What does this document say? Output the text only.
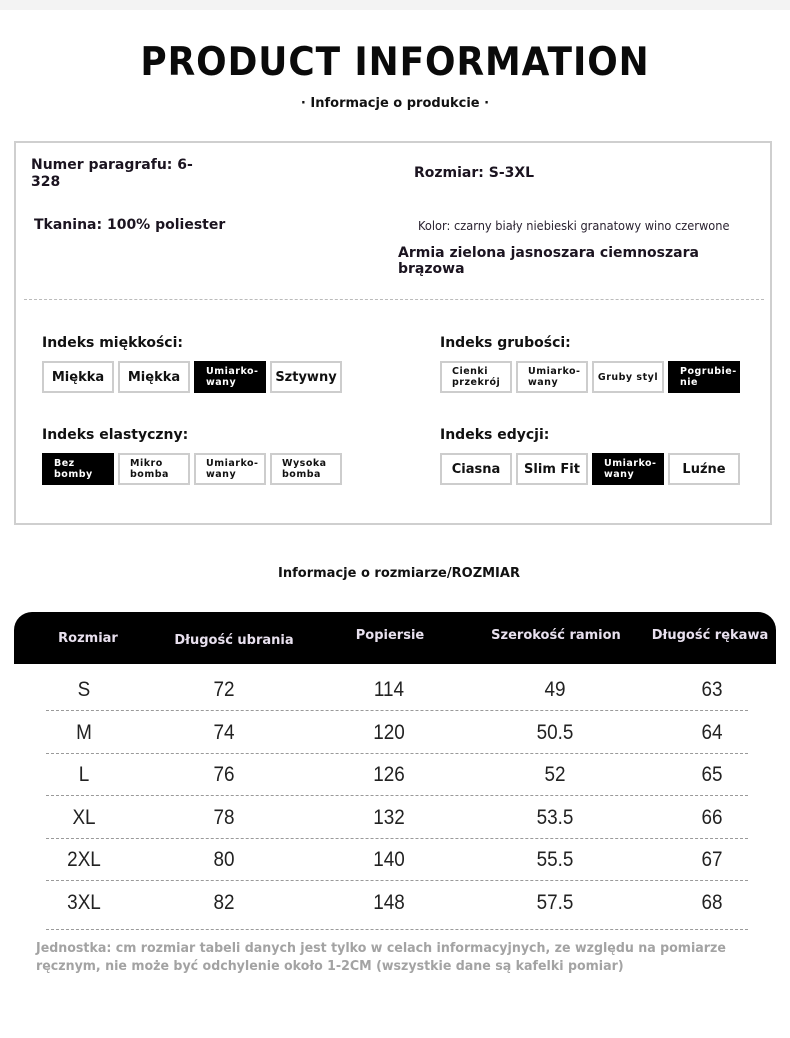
PRODUCT INFORMATION
· Informacje o produkcie ·
Numer paragrafu: 6-328
Tkanina: 100% poliester
Rozmiar: S-3XL
Kolor: czarny biały niebieski granatowy wino czerwone
Armia zielona jasnoszara ciemnoszara brązowa
Indeks miękkości:
Miękka	Miękka	Umiarko-wany	Sztywny
Indeks grubości:
Cienki przekrój
Umiarko-wany	Gruby styl	Pogrubie-nie
Indeks elastyczny:
Bez bomby
Mikro bomba
Umiarko-wany
Wysoka bomba
Indeks edycji:
Ciasna	Slim Fit	Umiarko-wany	Luźne
Informacje o rozmiarze/ROZMIAR
Rozmiar	Długość ubrania	Popiersie	Szerokość ramion	Długość rękawa
S	72	114	49	63
M	74	120	50.5	64
L	76	126	52	65
XL	78	132	53.5	66
2XL	80	140	55.5	67
3XL	82	148	57.5	68
Jednostka: cm rozmiar tabeli danych jest tylko w celach informacyjnych, ze względu na pomiarze ręcznym, nie może być odchylenie około 1-2CM (wszystkie dane są kafelki pomiar)
